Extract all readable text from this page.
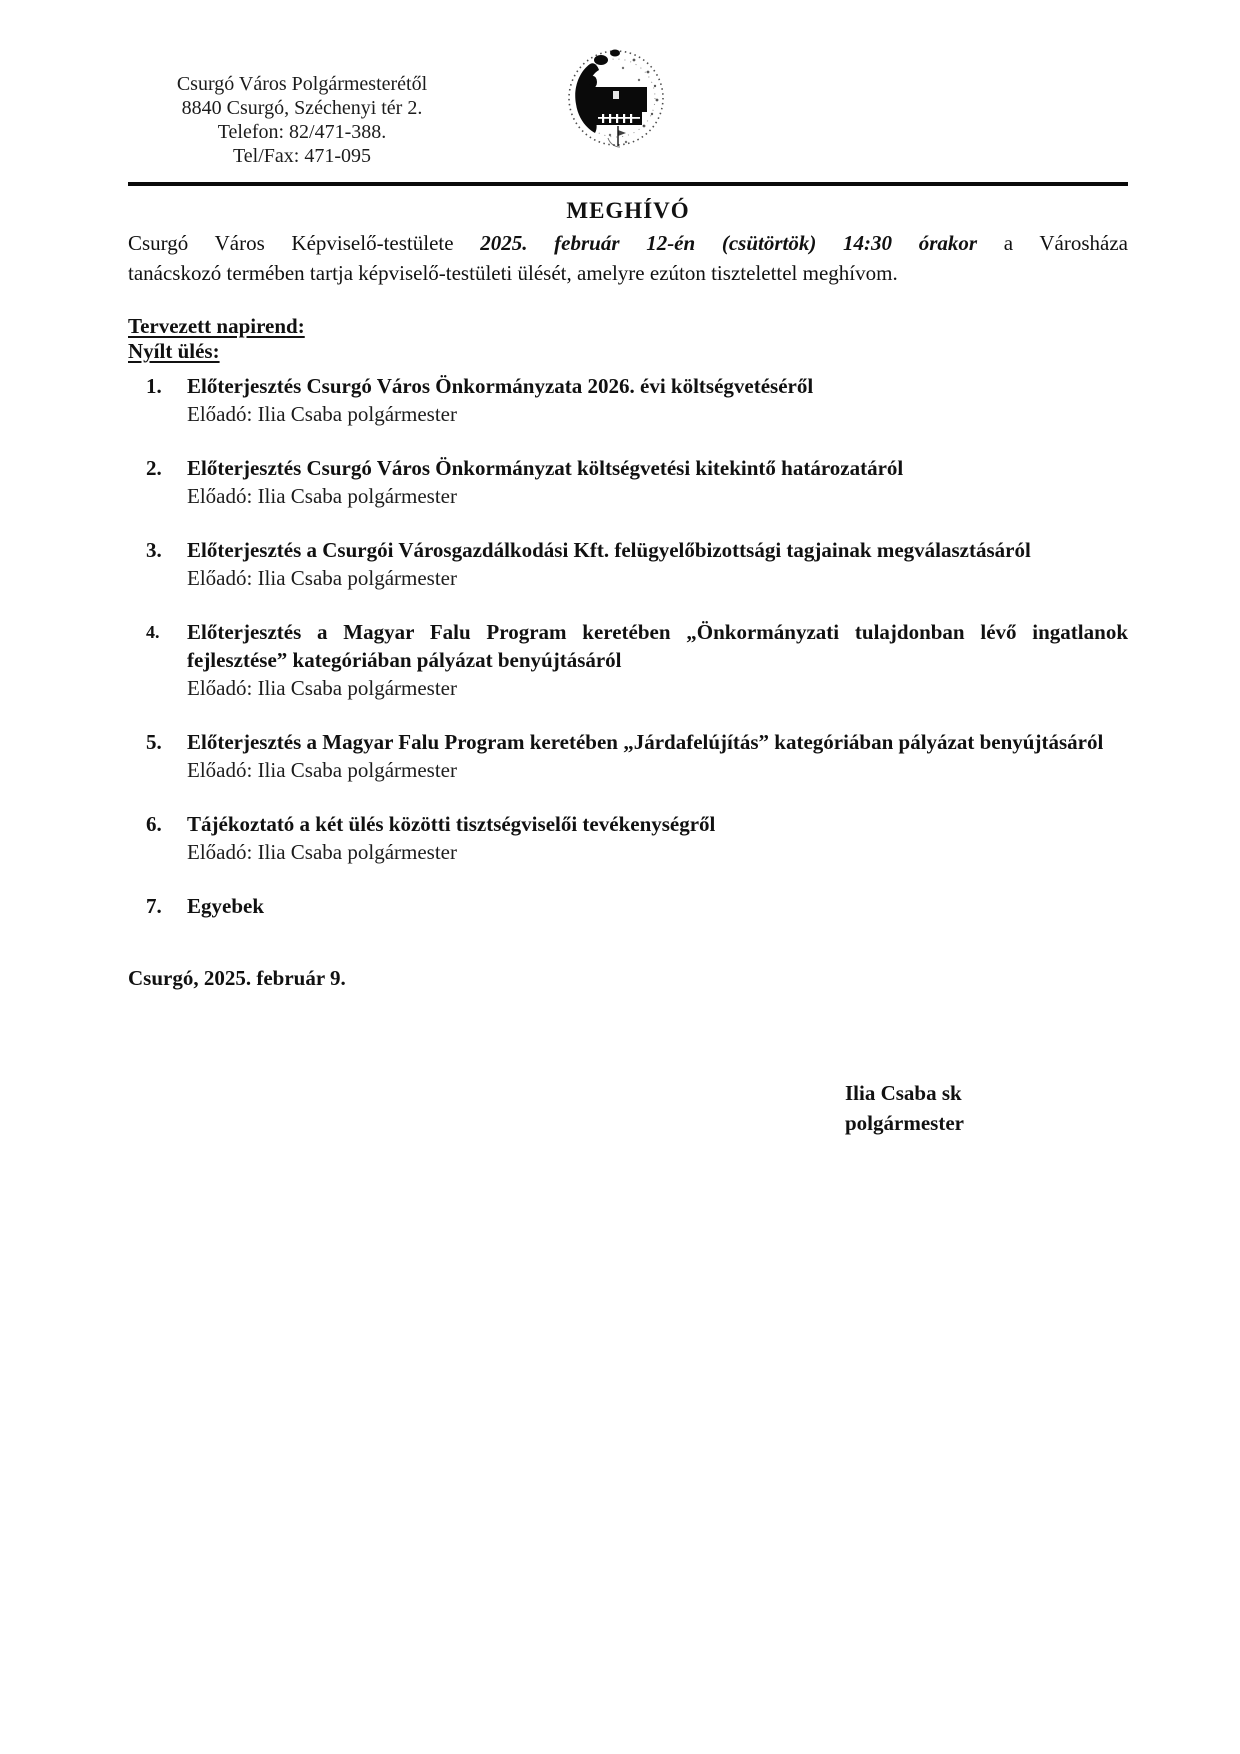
Csurgó Város Polgármesterétől
8840 Csurgó, Széchenyi tér 2.
Telefon: 82/471-388.
Tel/Fax: 471-095
MEGHÍVÓ
Csurgó Város Képviselő-testülete 2025. február 12-én (csütörtök) 14:30 órakor a Városháza
tanácskozó termében tartja képviselő-testületi ülését, amelyre ezúton tisztelettel meghívom.
Tervezett napirend:
Nyílt ülés:
1.	Előterjesztés Csurgó Város Önkormányzata 2026. évi költségvetéséről
Előadó: Ilia Csaba polgármester
2.	Előterjesztés Csurgó Város Önkormányzat költségvetési kitekintő határozatáról
Előadó: Ilia Csaba polgármester
3.	Előterjesztés a Csurgói Városgazdálkodási Kft. felügyelőbizottsági tagjainak megválasztásáról
Előadó: Ilia Csaba polgármester
4.	Előterjesztés a Magyar Falu Program keretében „Önkormányzati tulajdonban lévő ingatlanok fejlesztése” kategóriában pályázat benyújtásáról
Előadó: Ilia Csaba polgármester
5.	Előterjesztés a Magyar Falu Program keretében „Járdafelújítás” kategóriában pályázat benyújtásáról
Előadó: Ilia Csaba polgármester
6.	Tájékoztató a két ülés közötti tisztségviselői tevékenységről
Előadó: Ilia Csaba polgármester
7.	Egyebek
Csurgó, 2025. február 9.
Ilia Csaba sk
polgármester
